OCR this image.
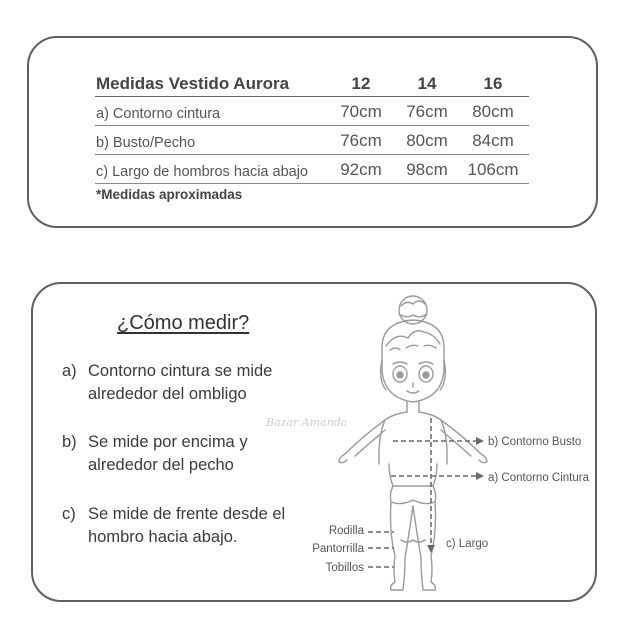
Medidas Vestido Aurora	12	14	16
a) Contorno cintura	70cm	76cm	80cm
b) Busto/Pecho	76cm	80cm	84cm
c) Largo de hombros hacia abajo	92cm	98cm	106cm
*Medidas aproximadas
¿Cómo medir?
a) Contorno cintura se mide alrededor del ombligo
b) Se mide por encima y alrededor del pecho
c) Se mide de frente desde el hombro hacia abajo.
Bazar Amanda
b) Contorno Busto
a) Contorno Cintura
c) Largo
Rodilla
Pantorrilla
Tobillos
